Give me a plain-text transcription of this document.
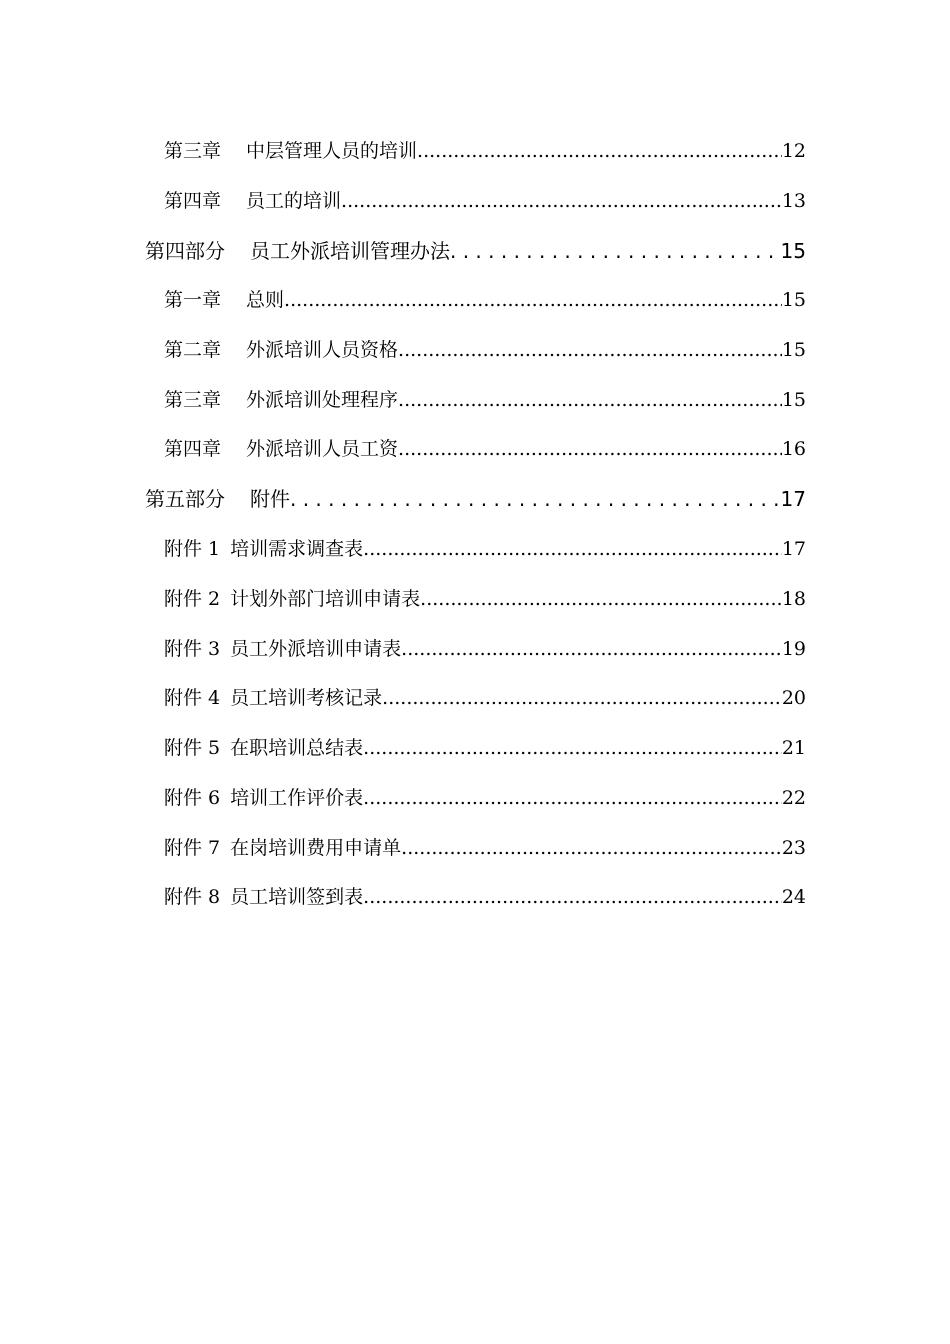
第三章 中层管理人员的培训 .....	12
第四章 员工的培训 .....	13
第四部分 员工外派培训管理办法 . . .	15
第一章 总则 .....	15
第二章 外派培训人员资格 .....	15
第三章 外派培训处理程序 .....	15
第四章 外派培训人员工资 .....	16
第五部分 附件 . . .	17
附件 1 培训需求调查表 .....	17
附件 2 计划外部门培训申请表 .....	18
附件 3 员工外派培训申请表 .....	19
附件 4 员工培训考核记录 .....	20
附件 5 在职培训总结表 .....	21
附件 6 培训工作评价表 .....	22
附件 7 在岗培训费用申请单 .....	23
附件 8 员工培训签到表 .....	24
